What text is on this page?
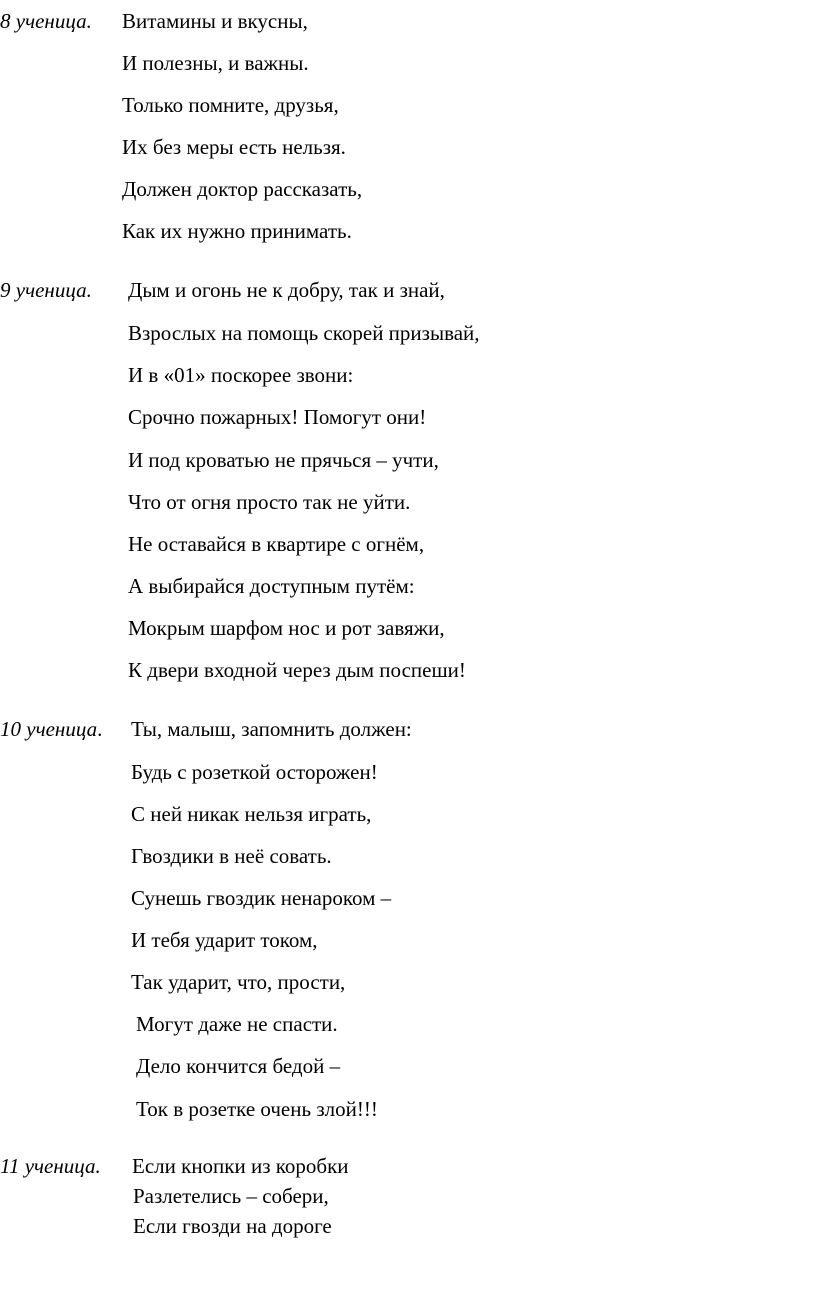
8 ученица. Витамины и вкусны,
И полезны, и важны.
Только помните, друзья,
Их без меры есть нельзя.
Должен доктор рассказать,
Как их нужно принимать.
9 ученица. Дым и огонь не к добру, так и знай,
Взрослых на помощь скорей призывай,
И в «01» поскорее звони:
Срочно пожарных! Помогут они!
И под кроватью не прячься – учти,
Что от огня просто так не уйти.
Не оставайся в квартире с огнём,
А выбирайся доступным путём:
Мокрым шарфом нос и рот завяжи,
К двери входной через дым поспеши!
10 ученица. Ты, малыш, запомнить должен:
Будь с розеткой осторожен!
С ней никак нельзя играть,
Гвоздики в неё совать.
Сунешь гвоздик ненароком –
И тебя ударит током,
Так ударит, что, прости,
Могут даже не спасти.
Дело кончится бедой –
Ток в розетке очень злой!!!
11 ученица. Если кнопки из коробки
Разлетелись – собери,
Если гвозди на дороге
